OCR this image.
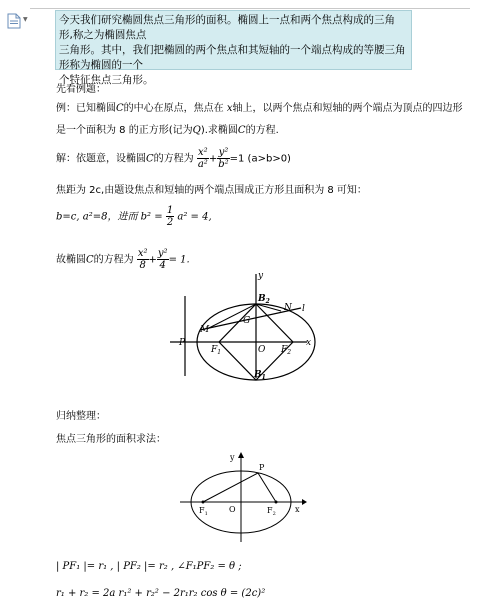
▼	今天我们研究椭圆焦点三角形的面积。椭圆上一点和两个焦点构成的三角形,称之为椭圆焦点
三角形。其中，我们把椭圆的两个焦点和其短轴的一个端点构成的等腰三角形称为椭圆的一个
个特征焦点三角形。
先看例题：
例：已知椭圆C的中心在原点，焦点在 x轴上，以两个焦点和短轴的两个端点为顶点的四边形
是一个面积为 8 的正方形(记为Q).求椭圆C的方程.
解：依题意，设椭圆C的方程为 $\frac{\text{x²}}{\text{a²}} + \frac{\text{y²}}{\text{b²}} =1$ (a>b>0)
焦距为 2c,由题设焦点和短轴的两个端点围成正方形且面积为 8 可知：
b=c, a²=8，进而 $b^2 = \frac{1}{2} a^2 = 4$,
故椭圆C的方程为 $\frac{\text{x²}}{8} + \frac{\text{y²}}{4} = 1$.
y
$B_2$
N l
G
M
P
$F_1$	O $F_2$
x
$B_1$
归纳整理：
焦点三角形的面积求法：
y
P
$F_1$	O	$F_2$ x
| PF₁ |= r₁ , | PF₂ |= r₂ , ∠F₁PF₂ = θ ;
r₁ + r₂ = 2a r₁² + r₂² − 2r₁r₂ cos θ = (2c)²
